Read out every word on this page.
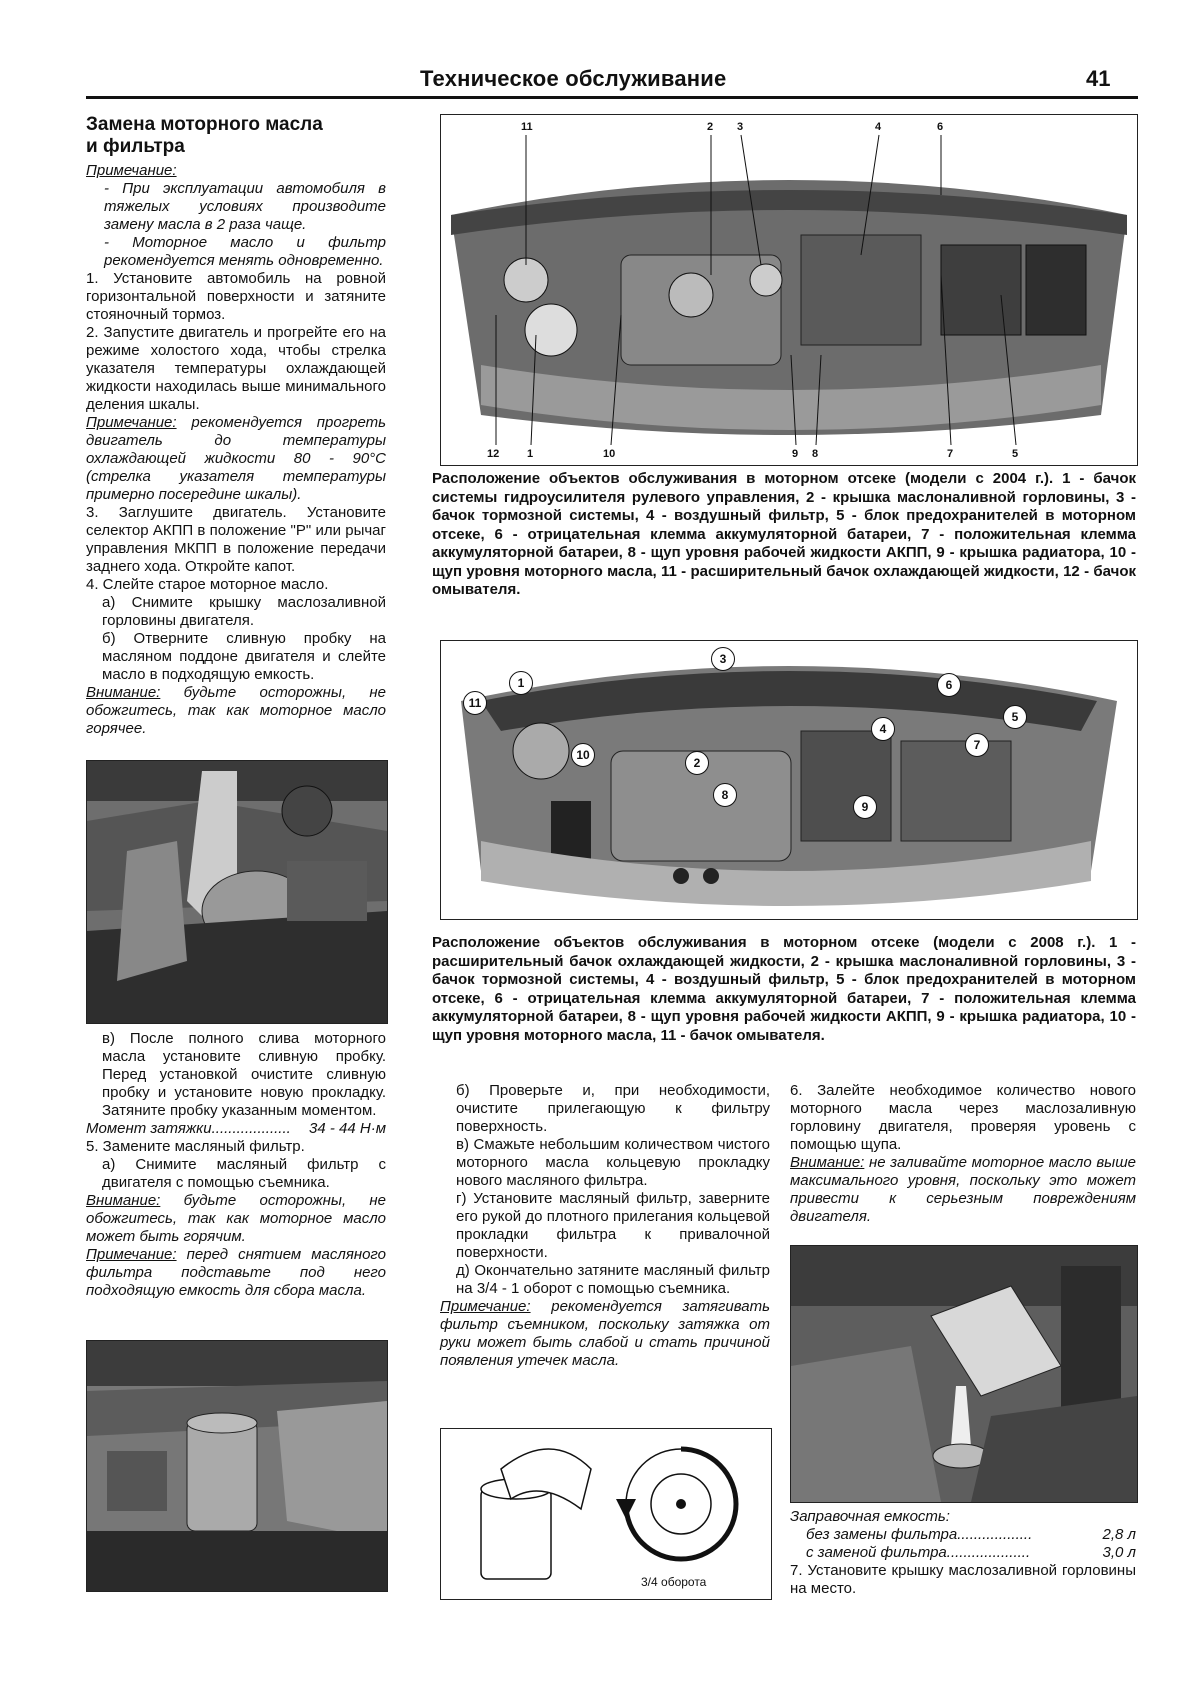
Техническое обслуживание	41
Замена моторного масла
и фильтра

Примечание:

- При эксплуатации автомобиля в тяжелых условиях производите замену масла в 2 раза чаще.

- Моторное масло и фильтр рекомендуется менять одновременно.

1. Установите автомобиль на ровной горизонтальной поверхности и затяните стояночный тормоз.

2. Запустите двигатель и прогрейте его на режиме холостого хода, чтобы стрелка указателя температуры охлаждающей жидкости находилась выше минимального деления шкалы.

Примечание: рекомендуется прогреть двигатель до температуры охлаждающей жидкости 80 - 90°C (стрелка указателя температуры примерно посередине шкалы).

3. Заглушите двигатель. Установите селектор АКПП в положение "P" или рычаг управления МКПП в положение передачи заднего хода. Откройте капот.

4. Слейте старое моторное масло.

а) Снимите крышку маслозаливной горловины двигателя.

б) Отверните сливную пробку на масляном поддоне двигателя и слейте масло в подходящую емкость.

Внимание: будьте осторожны, не обожгитесь, так как моторное масло горячее.

в) После полного слива моторного масла установите сливную пробку. Перед установкой очистите сливную пробку и установите новую прокладку. Затяните пробку указанным моментом.

Момент затяжки................... 34 - 44 Н·м

5. Замените масляный фильтр.

а) Снимите масляный фильтр с двигателя с помощью съемника.

Внимание: будьте осторожны, не обожгитесь, так как моторное масло может быть горячим.

Примечание: перед снятием масляного фильтра подставьте под него подходящую емкость для сбора масла.

11	2 3	4	6
12	1	10	9 8	7	5
Расположение объектов обслуживания в моторном отсеке (модели с 2004 г.). 1 - бачок системы гидроусилителя рулевого управления, 2 - крышка маслоналивной горловины, 3 - бачок тормозной системы, 4 - воздушный фильтр, 5 - блок предохранителей в моторном отсеке, 6 - отрицательная клемма аккумуляторной батареи, 7 - положительная клемма аккумуляторной батареи, 8 - щуп уровня рабочей жидкости АКПП, 9 - крышка радиатора, 10 - щуп уровня моторного масла, 11 - расширительный бачок охлаждающей жидкости, 12 - бачок омывателя.
1
11
3
6
5
4
7
10
2
8
9
Расположение объектов обслуживания в моторном отсеке (модели с 2008 г.). 1 - расширительный бачок охлаждающей жидкости, 2 - крышка маслоналивной горловины, 3 - бачок тормозной системы, 4 - воздушный фильтр, 5 - блок предохранителей в моторном отсеке, 6 - отрицательная клемма аккумуляторной батареи, 7 - положительная клемма аккумуляторной батареи, 8 - щуп уровня рабочей жидкости АКПП, 9 - крышка радиатора, 10 - щуп уровня моторного масла, 11 - бачок омывателя.

б) Проверьте и, при необходимости, очистите прилегающую к фильтру поверхность.

в) Смажьте небольшим количеством чистого моторного масла кольцевую прокладку нового масляного фильтра.

г) Установите масляный фильтр, заверните его рукой до плотного прилегания кольцевой прокладки фильтра к привалочной поверхности.

д) Окончательно затяните масляный фильтр на 3/4 - 1 оборот с помощью съемника.

Примечание: рекомендуется затягивать фильтр съемником, поскольку затяжка от руки может быть слабой и стать причиной появления утечек масла.

3/4 оборота

6. Залейте необходимое количество нового моторного масла через маслозаливную горловину двигателя, проверяя уровень с помощью щупа.

Внимание: не заливайте моторное масло выше максимального уровня, поскольку это может привести к серьезным повреждениям двигателя.

Заправочная емкость:

без замены фильтра..................	2,8 л

с заменой фильтра....................	3,0 л

7. Установите крышку маслозаливной горловины на место.
